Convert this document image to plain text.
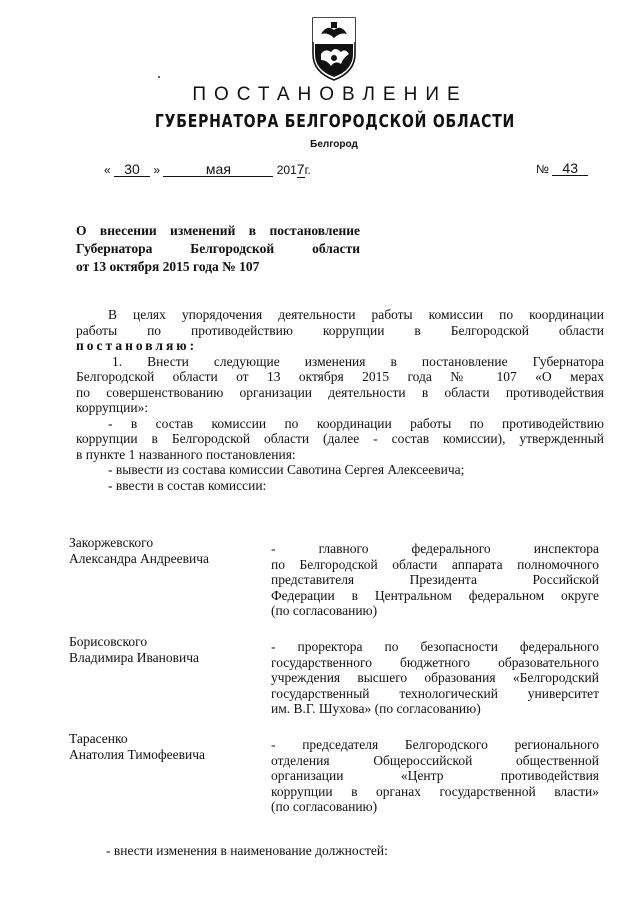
ПОСТАНОВЛЕНИЕ
ГУБЕРНАТОРА БЕЛГОРОДСКОЙ ОБЛАСТИ
Белгород
« 30 »	мая	2017г.	№ 43
О внесении изменений в постановление
Губернатора Белгородской области
от 13 октября 2015 года № 107
В целях упорядочения деятельности работы комиссии по координации
работы по противодействию коррупции в Белгородской области
постановляю:
1. Внести следующие изменения в постановление Губернатора
Белгородской области от 13 октября 2015 года № 107 «О мерах
по совершенствованию организации деятельности в области противодействия
коррупции»:
- в состав комиссии по координации работы по противодействию
коррупции в Белгородской области (далее - состав комиссии), утвержденный
в пункте 1 названного постановления:
- вывести из состава комиссии Савотина Сергея Алексеевича;
- ввести в состав комиссии:
Закоржевского
Александра Андреевича
- главного федерального инспектора
по Белгородской области аппарата полномочного
представителя Президента Российской
Федерации в Центральном федеральном округе
(по согласованию)
Борисовского
Владимира Ивановича
- проректора по безопасности федерального
государственного бюджетного образовательного
учреждения высшего образования «Белгородский
государственный технологический университет
им. В.Г. Шухова» (по согласованию)
Тарасенко
Анатолия Тимофеевича
- председателя Белгородского регионального
отделения Общероссийской общественной
организации «Центр противодействия
коррупции в органах государственной власти»
(по согласованию)
- внести изменения в наименование должностей:
